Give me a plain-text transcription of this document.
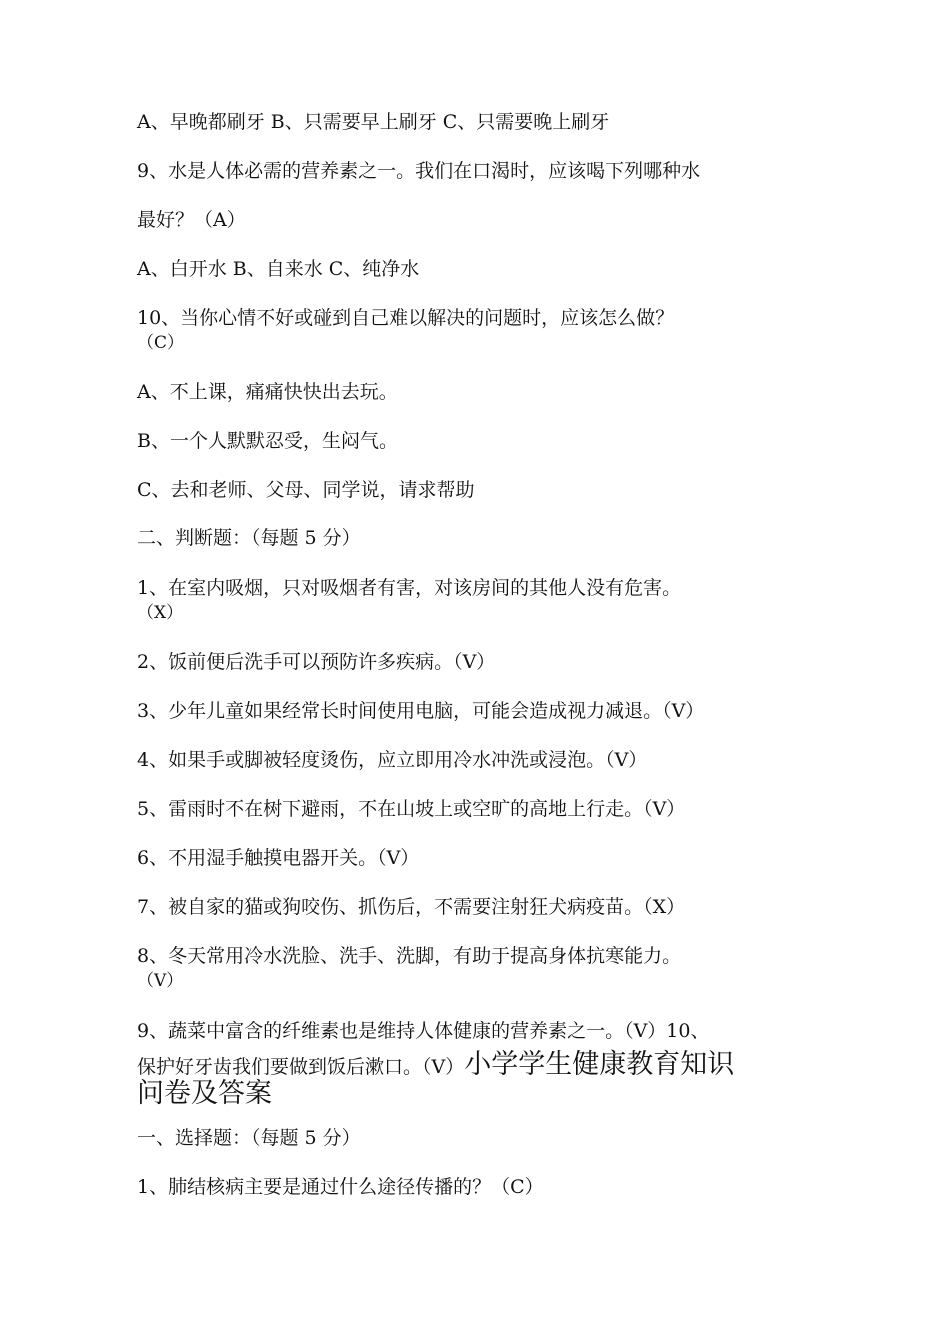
A、早晚都刷牙 B、只需要早上刷牙 C、只需要晚上刷牙
9、水是人体必需的营养素之一。我们在口渴时，应该喝下列哪种水
最好？（A）
A、白开水 B、自来水 C、纯净水
10、当你心情不好或碰到自己难以解决的问题时，应该怎么做？
（C）
A、不上课，痛痛快快出去玩。
B、一个人默默忍受，生闷气。
C、去和老师、父母、同学说，请求帮助
二、判断题：（每题 5 分）
1、在室内吸烟，只对吸烟者有害，对该房间的其他人没有危害。
（X）
2、饭前便后洗手可以预防许多疾病。（V）
3、少年儿童如果经常长时间使用电脑，可能会造成视力减退。（V）
4、如果手或脚被轻度烫伤，应立即用冷水冲洗或浸泡。（V）
5、雷雨时不在树下避雨，不在山坡上或空旷的高地上行走。（V）
6、不用湿手触摸电器开关。（V）
7、被自家的猫或狗咬伤、抓伤后，不需要注射狂犬病疫苗。（X）
8、冬天常用冷水洗脸、洗手、洗脚，有助于提高身体抗寒能力。
（V）
9、蔬菜中富含的纤维素也是维持人体健康的营养素之一。（V）10、
保护好牙齿我们要做到饭后漱口。（V）小学学生健康教育知识
问卷及答案
一、选择题：（每题 5 分）
1、肺结核病主要是通过什么途径传播的？（C）
